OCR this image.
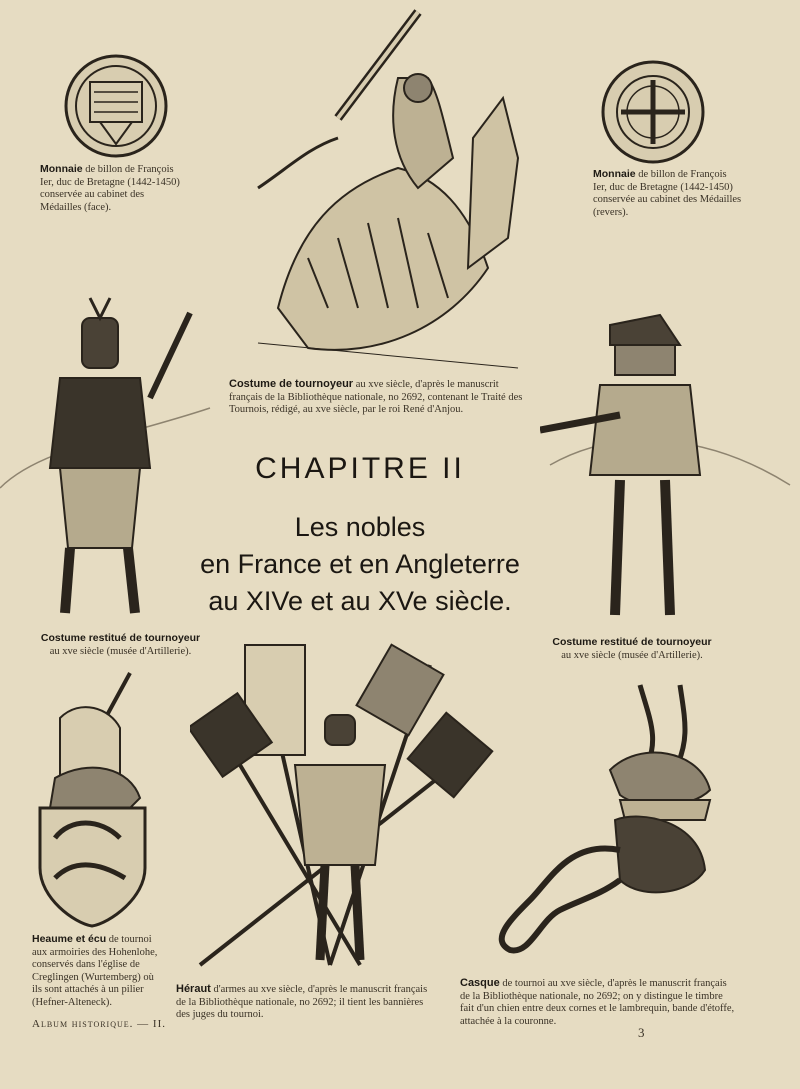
Monnaie de billon de François Ier, duc de Bretagne (1442-1450) conservée au cabinet des Médailles (face).
Monnaie de billon de François Ier, duc de Bretagne (1442-1450) conservée au cabinet des Médailles (revers).
Costume de tournoyeur au xve siècle, d'après le manuscrit français de la Bibliothèque nationale, no 2692, contenant le Traité des Tournois, rédigé, au xve siècle, par le roi René d'Anjou.
Costume restitué de tournoyeur
au xve siècle (musée d'Artillerie).
Costume restitué de tournoyeur
au xve siècle (musée d'Artillerie).
Heaume et écu de tournoi aux armoiries des Hohenlohe, conservés dans l'église de Creglingen (Wurtemberg) où ils sont attachés à un pilier (Hefner-Alteneck).
Héraut d'armes au xve siècle, d'après le manuscrit français de la Bibliothèque nationale, no 2692; il tient les bannières des juges du tournoi.
Casque de tournoi au xve siècle, d'après le manuscrit français de la Bibliothèque nationale, no 2692; on y distingue le timbre fait d'un chien entre deux cornes et le lambrequin, bande d'étoffe, attachée à la couronne.
CHAPITRE II
Les nobles
en France et en Angleterre
au XIVe et au XVe siècle.
Album historique. — II.
3
